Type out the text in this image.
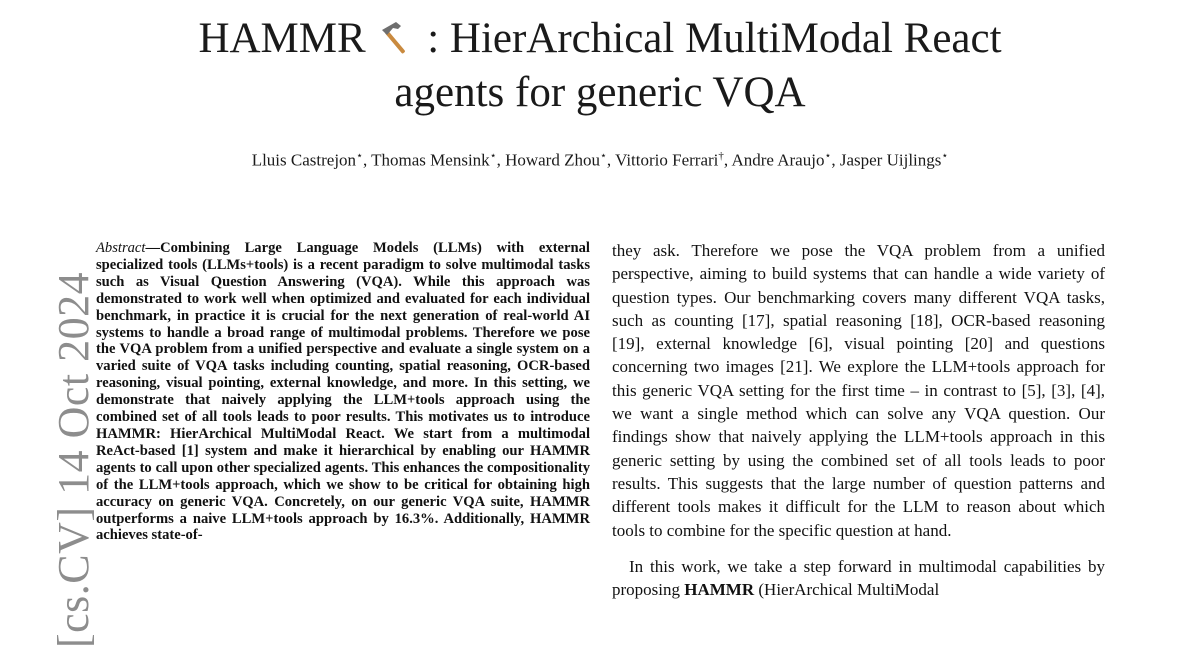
[cs.CV] 14 Oct 2024
HAMMR  : HierArchical MultiModal React
agents for generic VQA
Lluis Castrejon⋆, Thomas Mensink⋆, Howard Zhou⋆, Vittorio Ferrari†, Andre Araujo⋆, Jasper Uijlings⋆

Abstract—Combining Large Language Models (LLMs) with external specialized tools (LLMs+tools) is a recent paradigm to solve multimodal tasks such as Visual Question Answering (VQA). While this approach was demonstrated to work well when optimized and evaluated for each individual benchmark, in practice it is crucial for the next generation of real-world AI systems to handle a broad range of multimodal problems. Therefore we pose the VQA problem from a unified perspective and evaluate a single system on a varied suite of VQA tasks including counting, spatial reasoning, OCR-based reasoning, visual pointing, external knowledge, and more. In this setting, we demonstrate that naively applying the LLM+tools approach using the combined set of all tools leads to poor results. This motivates us to introduce HAMMR: HierArchical MultiModal React. We start from a multimodal ReAct-based [1] system and make it hierarchical by enabling our HAMMR agents to call upon other specialized agents. This enhances the compositionality of the LLM+tools approach, which we show to be critical for obtaining high accuracy on generic VQA. Concretely, on our generic VQA suite, HAMMR outperforms a naive LLM+tools approach by 16.3%. Additionally, HAMMR achieves state-of-

they ask. Therefore we pose the VQA problem from a unified perspective, aiming to build systems that can handle a wide variety of question types. Our benchmarking covers many different VQA tasks, such as counting [17], spatial reasoning [18], OCR-based reasoning [19], external knowledge [6], visual pointing [20] and questions concerning two images [21]. We explore the LLM+tools approach for this generic VQA setting for the first time – in contrast to [5], [3], [4], we want a single method which can solve any VQA question. Our findings show that naively applying the LLM+tools approach in this generic setting by using the combined set of all tools leads to poor results. This suggests that the large number of question patterns and different tools makes it difficult for the LLM to reason about which tools to combine for the specific question at hand.

In this work, we take a step forward in multimodal capabilities by proposing HAMMR (HierArchical MultiModal
